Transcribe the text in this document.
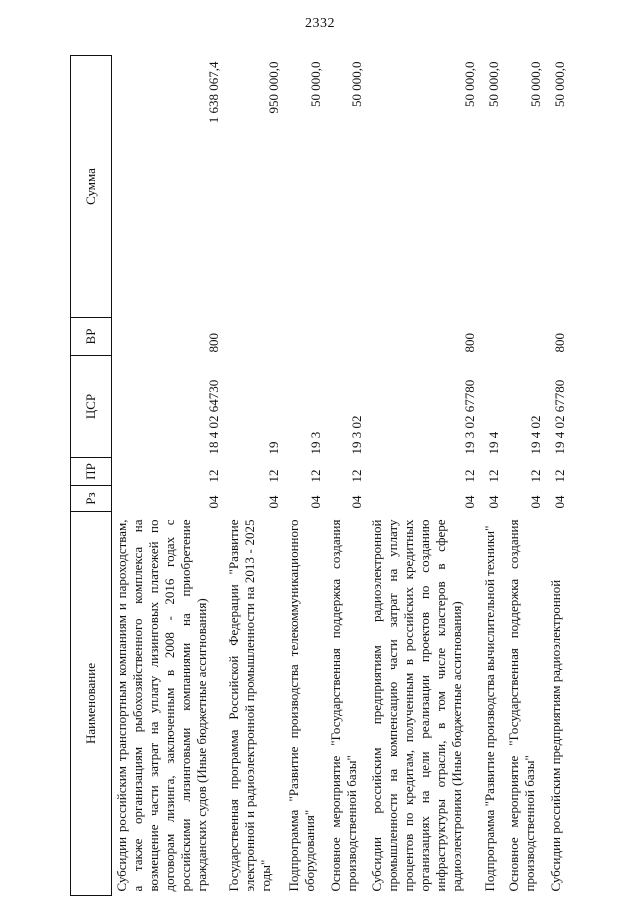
2332
Наименование	Рз	ПР	ЦСР	ВР	Сумма
Субсидии российским транспортным компаниям и пароходствам, а также организациям рыбохозяйственного комплекса на возмещение части затрат на уплату лизинговых платежей по договорам лизинга, заключенным в 2008 - 2016 годах с российскими лизинговыми компаниями на приобретение гражданских судов (Иные бюджетные ассигнования)	04	12	18 4 02 64730	800	1 638 067,4
Государственная программа Российской Федерации "Развитие электронной и радиоэлектронной промышленности на 2013 - 2025 годы"	04	12	19		950 000,0
Подпрограмма "Развитие производства телекоммуникационного оборудования"	04	12	19 3		50 000,0
Основное мероприятие "Государственная поддержка создания производственной базы"	04	12	19 3 02		50 000,0
Субсидии российским предприятиям радиоэлектронной промышленности на компенсацию части затрат на уплату процентов по кредитам, полученным в российских кредитных организациях на цели реализации проектов по созданию инфраструктуры отрасли, в том числе кластеров в сфере радиоэлектроники (Иные бюджетные ассигнования)	04	12	19 3 02 67780	800	50 000,0
Подпрограмма "Развитие производства вычислительной техники"	04	12	19 4		50 000,0
Основное мероприятие "Государственная поддержка создания производственной базы"	04	12	19 4 02		50 000,0
Субсидии российским предприятиям радиоэлектронной	04	12	19 4 02 67780	800	50 000,0
